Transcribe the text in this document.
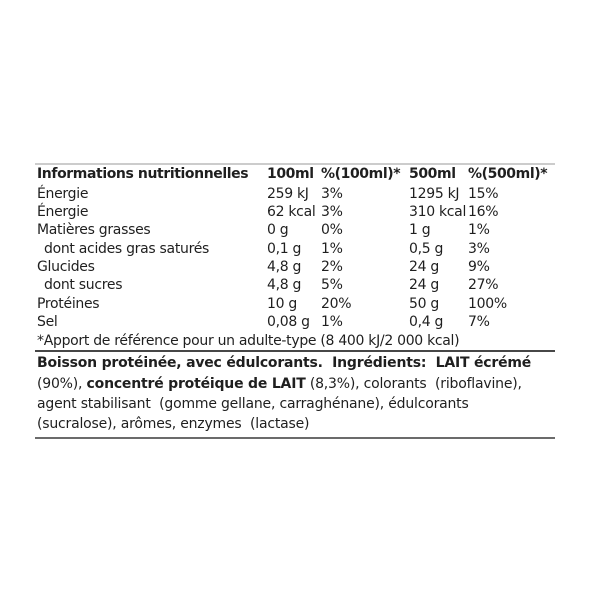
Informations nutritionnelles	100ml %(100ml)* 500ml %(500ml)*
Énergie	259 kJ 3%	1295 kJ 15%
Énergie	62 kcal 3%	310 kcal 16%
Matières grasses	0 g	0%	1 g	1%
dont acides gras saturés	0,1 g	1%	0,5 g	3%
Glucides	4,8 g	2%	24 g	9%
dont sucres	4,8 g	5%	24 g	27%
Protéines	10 g	20%	50 g	100%
Sel	0,08 g 1%	0,4 g	7%
*Apport de référence pour un adulte-type (8 400 kJ/2 000 kcal)
Boisson protéinée, avec édulcorants.  Ingrédients:  LAIT écrémé
(90%), concentré protéique de LAIT (8,3%), colorants  (riboflavine),
agent stabilisant  (gomme gellane, carraghénane), édulcorants
(sucralose), arômes, enzymes  (lactase)
